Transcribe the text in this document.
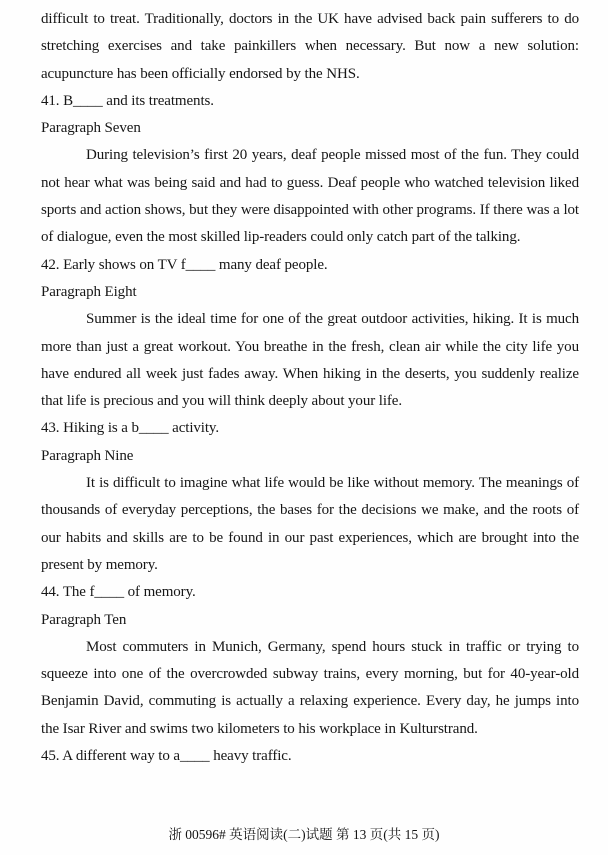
difficult to treat. Traditionally, doctors in the UK have advised back pain sufferers to do stretching exercises and take painkillers when necessary. But now a new solution: acupuncture has been officially endorsed by the NHS.

41. B____ and its treatments.

Paragraph Seven

During television’s first 20 years, deaf people missed most of the fun. They could not hear what was being said and had to guess. Deaf people who watched television liked sports and action shows, but they were disappointed with other programs. If there was a lot of dialogue, even the most skilled lip-readers could only catch part of the talking.

42. Early shows on TV f____ many deaf people.

Paragraph Eight

Summer is the ideal time for one of the great outdoor activities, hiking. It is much more than just a great workout. You breathe in the fresh, clean air while the city life you have endured all week just fades away. When hiking in the deserts, you suddenly realize that life is precious and you will think deeply about your life.

43. Hiking is a b____ activity.

Paragraph Nine

It is difficult to imagine what life would be like without memory. The meanings of thousands of everyday perceptions, the bases for the decisions we make, and the roots of our habits and skills are to be found in our past experiences, which are brought into the present by memory.

44. The f____ of memory.

Paragraph Ten

Most commuters in Munich, Germany, spend hours stuck in traffic or trying to squeeze into one of the overcrowded subway trains, every morning, but for 40-year-old Benjamin David, commuting is actually a relaxing experience. Every day, he jumps into the Isar River and swims two kilometers to his workplace in Kulturstrand.

45. A different way to a____ heavy traffic.

浙 00596# 英语阅读(二)试题 第 13 页(共 15 页)
